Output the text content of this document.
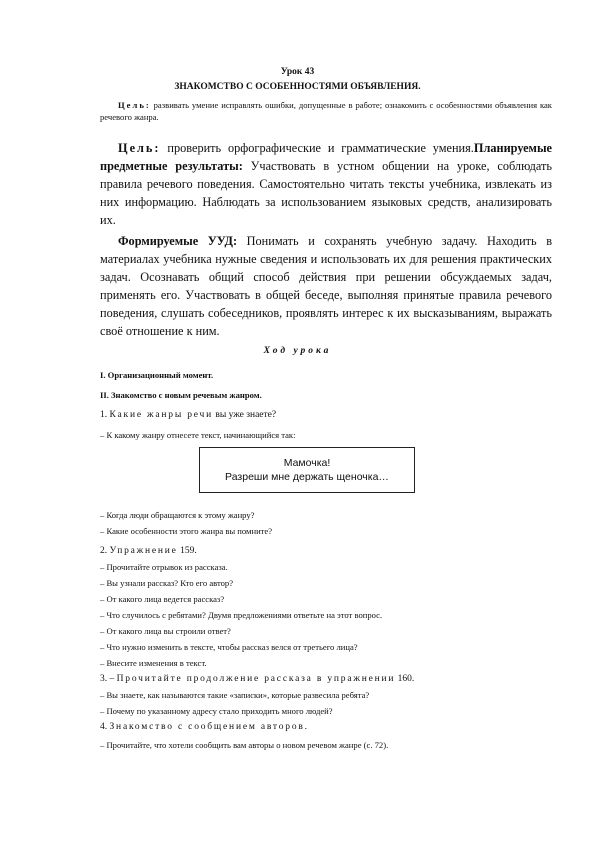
Урок 43
ЗНАКОМСТВО С ОСОБЕННОСТЯМИ ОБЪЯВЛЕНИЯ.
Цель: развивать умение исправлять ошибки, допущенные в работе; ознакомить с особенностями объявления как речевого жанра.
Цель: проверить орфографические и грамматические умения.Планируемые предметные результаты: Участвовать в устном общении на уроке, соблюдать правила речевого поведения. Самостоятельно читать тексты учебника, извлекать из них информацию. Наблюдать за использованием языковых средств, анализировать их.
Формируемые УУД: Понимать и сохранять учебную задачу. Находить в материалах учебника нужные сведения и использовать их для решения практических задач. Осознавать общий способ действия при решении обсуждаемых задач, применять его. Участвовать в общей беседе, выполняя принятые правила речевого поведения, слушать собеседников, проявлять интерес к их высказываниям, выражать своё отношение к ним.
Ход урока
I. Организационный момент.
II. Знакомство с новым речевым жанром.
1. Какие жанры речи вы уже знаете?
– К какому жанру отнесете текст, начинающийся так:
Мамочка!
Разреши мне держать щеночка…
– Когда люди обращаются к этому жанру?
– Какие особенности этого жанра вы помните?
2. Упражнение 159.
– Прочитайте отрывок из рассказа.
– Вы узнали рассказ? Кто его автор?
– От какого лица ведется рассказ?
– Что случилось с ребятами? Двумя предложениями ответьте на этот вопрос.
– От какого лица вы строили ответ?
– Что нужно изменить в тексте, чтобы рассказ велся от третьего лица?
– Внесите изменения в текст.
3. – Прочитайте продолжение рассказа в упражнении 160.
– Вы знаете, как называются такие «записки», которые развесила ребята?
– Почему по указанному адресу стало приходить много людей?
4. Знакомство с сообщением авторов.
– Прочитайте, что хотели сообщить вам авторы о новом речевом жанре (с. 72).
